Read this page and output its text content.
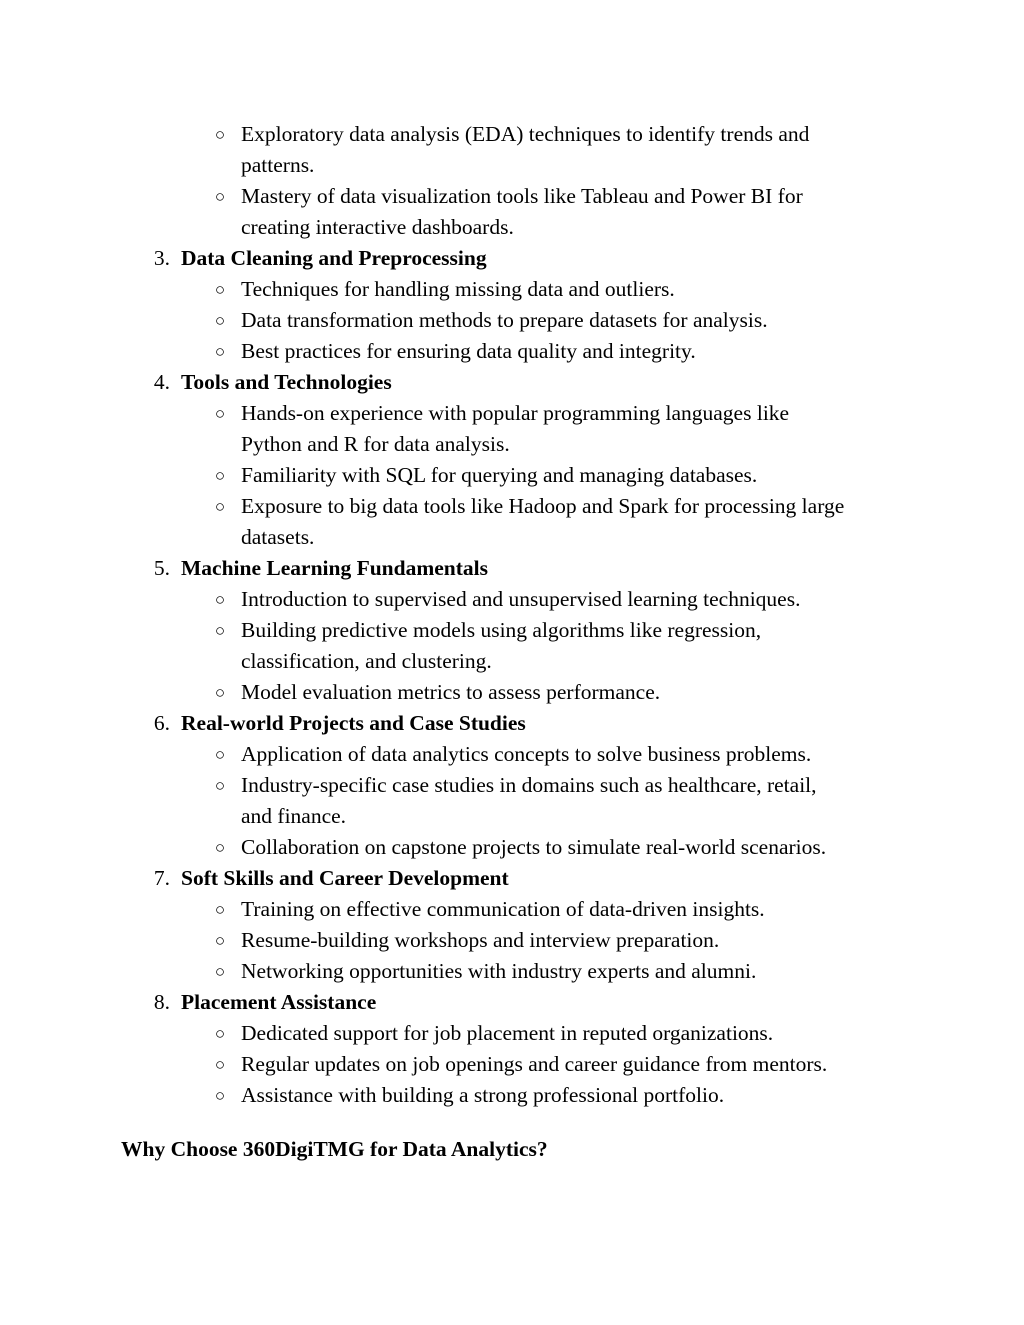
○ Exploratory data analysis (EDA) techniques to identify trends and
patterns.
○ Mastery of data visualization tools like Tableau and Power BI for
creating interactive dashboards.
3. Data Cleaning and Preprocessing
○ Techniques for handling missing data and outliers.
○ Data transformation methods to prepare datasets for analysis.
○ Best practices for ensuring data quality and integrity.
4. Tools and Technologies
○ Hands-on experience with popular programming languages like
Python and R for data analysis.
○ Familiarity with SQL for querying and managing databases.
○ Exposure to big data tools like Hadoop and Spark for processing large
datasets.
5. Machine Learning Fundamentals
○ Introduction to supervised and unsupervised learning techniques.
○ Building predictive models using algorithms like regression,
classification, and clustering.
○ Model evaluation metrics to assess performance.
6. Real-world Projects and Case Studies
○ Application of data analytics concepts to solve business problems.
○ Industry-specific case studies in domains such as healthcare, retail,
and finance.
○ Collaboration on capstone projects to simulate real-world scenarios.
7. Soft Skills and Career Development
○ Training on effective communication of data-driven insights.
○ Resume-building workshops and interview preparation.
○ Networking opportunities with industry experts and alumni.
8. Placement Assistance
○ Dedicated support for job placement in reputed organizations.
○ Regular updates on job openings and career guidance from mentors.
○ Assistance with building a strong professional portfolio.
Why Choose 360DigiTMG for Data Analytics?
